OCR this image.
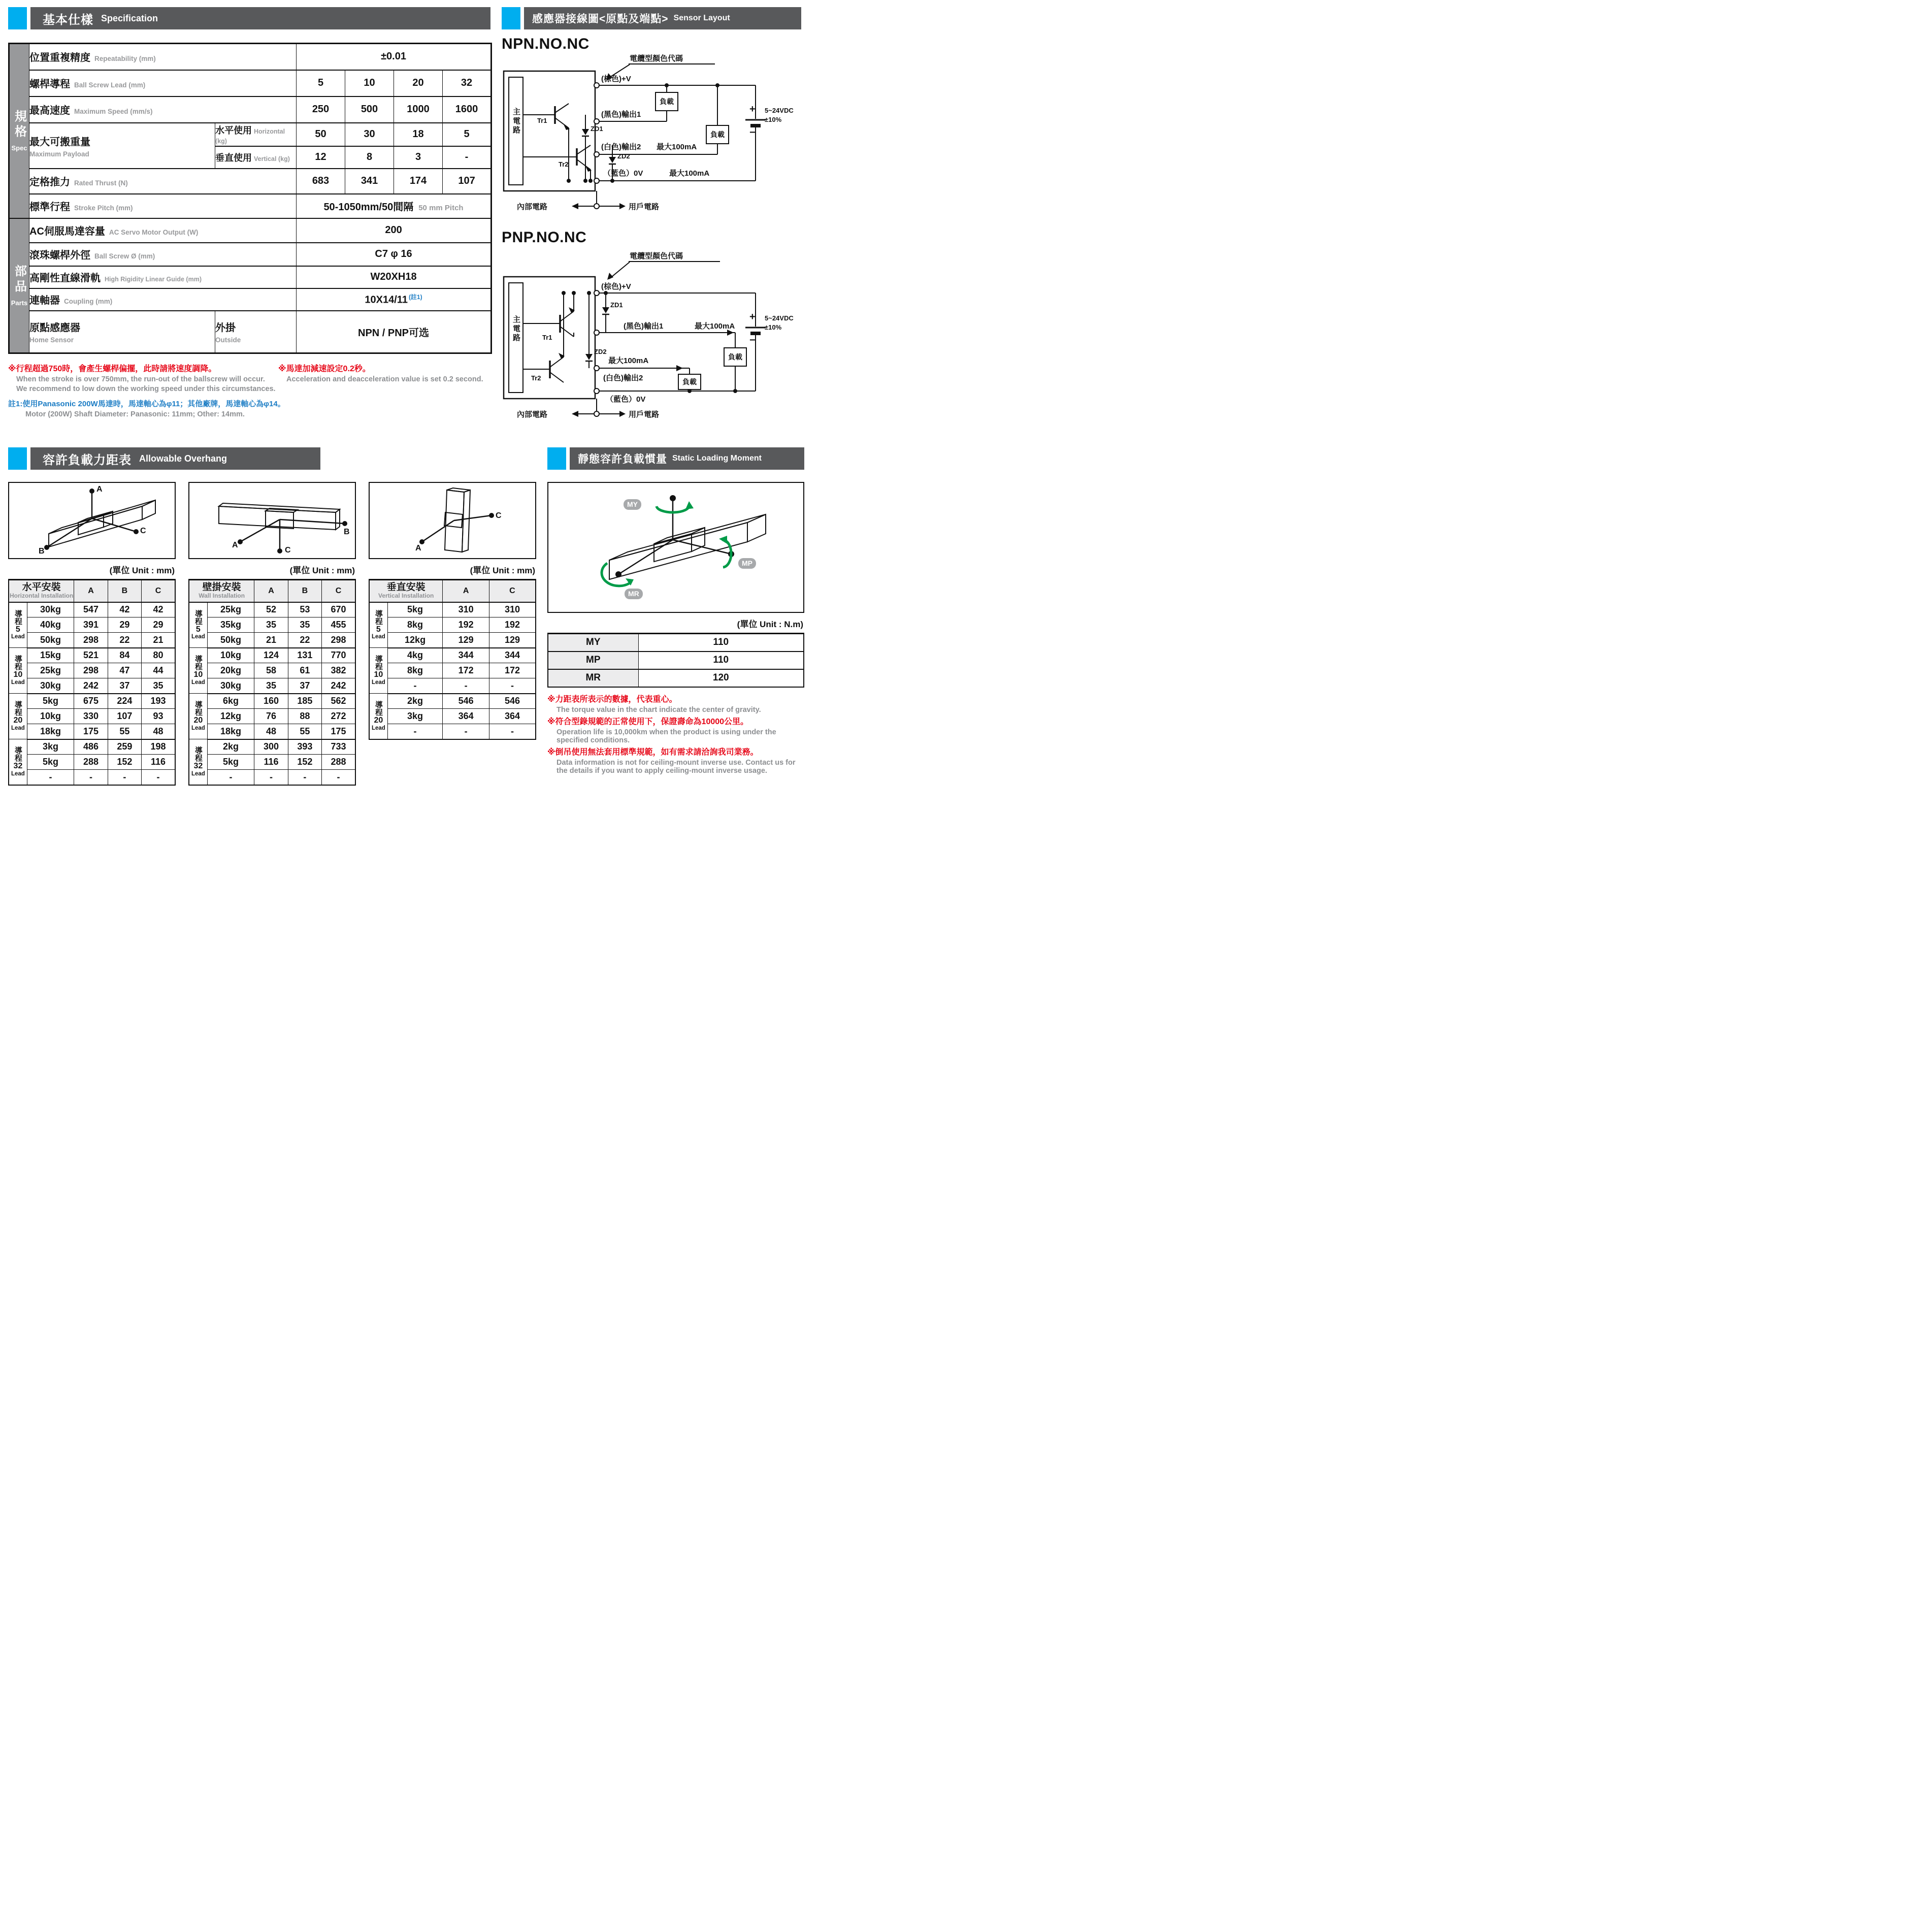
基本仕樣 Specification
規格
Spec	位置重複精度 Repeatability (mm)		±0.01			
	螺桿導程 Ball Screw Lead (mm)		5	10	20	32
	最高速度 Maximum Speed (mm/s)		250	500	1000	1600

	最大可搬重量
Maximum Payload	水平使用 Horizontal (kg)	50	30	18	5
		垂直使用 Vertical (kg)	12	8	3	-
	定格推力 Rated Thrust (N)		683	341	174	107
	標準行程 Stroke Pitch (mm)		50-1050mm/50間隔 50 mm Pitch			

部品
Parts	AC伺服馬達容量 AC Servo Motor Output (W)		200			
	滾珠螺桿外徑 Ball Screw Ø (mm)		C7 φ 16			
	高剛性直線滑軌 High Rigidity Linear Guide (mm)		W20XH18			
	連軸器 Coupling (mm)		10X14/11 $^{(註1)}$

	原點感應器
Home Sensor	外掛
Outside	NPN / PNP可选			
※行程超過750時，會產生螺桿偏擺，此時請將速度調降。
When the stroke is over 750mm, the run-out of the ballscrew will occur.
We recommend to low down the working speed under this circumstances.
※馬達加減速設定0.2秒。
Acceleration and deacceleration value is set 0.2 second.
註1:使用Panasonic 200W馬達時，馬達軸心為φ11；其他廠牌，馬達軸心為φ14。
Motor (200W) Shaft Diameter: Panasonic: 11mm; Other: 14mm.
感應器接線圖<原點及端點> Sensor Layout
NPN.NO.NC
電纜型顏色代碼
主電路	Tr1
Tr2
ZD1
ZD2
(棕色)+V
(黑色)輸出1
(白色)輸出2 最大100mA
（藍色）0V	最大100mA
負載
負載
+
−
5~24VDC
±10%
內部電路	用戶電路
PNP.NO.NC
電纜型顏色代碼
主電路	Tr1
Tr2
ZD1
ZD2
(棕色)+V
(黑色)輸出1	最大100mA
最大100mA
(白色)輸出2
負載
負載
（藍色）0V
+
−
5~24VDC
±10%
內部電路	用戶電路
容許負載力距表 Allowable Overhang
A
B
C
(單位 Unit : mm)
水平安裝
Horizontal Installation		A	B	C

導程
5
Lead	30kg	547	42	42
	40kg	391	29	29
	50kg	298	22	21

導程
10
Lead	15kg	521	84	80
	25kg	298	47	44
	30kg	242	37	35

導程
20
Lead	5kg	675	224	193
	10kg	330	107	93
	18kg	175	55	48

導程
32
Lead	3kg	486	259	198
	5kg	288	152	116
	-	-	-	-
A
B
C
(單位 Unit : mm)
壁掛安裝
Wall Installation		A	B	C

導程
5
Lead	25kg	52	53	670
	35kg	35	35	455
	50kg	21	22	298

導程
10
Lead	10kg	124	131	770
	20kg	58	61	382
	30kg	35	37	242

導程
20
Lead	6kg	160	185	562
	12kg	76	88	272
	18kg	48	55	175

導程
32
Lead	2kg	300	393	733
	5kg	116	152	288
	-	-	-	-
A
C
(單位 Unit : mm)
垂直安裝
Vertical Installation		A	C

導程
5
Lead	5kg	310	310
	8kg	192	192
	12kg	129	129

導程
10
Lead	4kg	344	344
	8kg	172	172
	-	-	-

導程
20
Lead	2kg	546	546
	3kg	364	364
	-	-	-
靜態容許負載慣量 Static Loading Moment
MY
MP
MR
(單位 Unit : N.m)
MY	110
MP	110
MR	120
※力距表所表示的數據，代表重心。
The torque value in the chart indicate the center of gravity.
※符合型錄規範的正常使用下，保證壽命為10000公里。
Operation life is 10,000km when the product is using under the specified conditions.
※倒吊使用無法套用標準規範，如有需求請洽詢我司業務。
Data information is not for ceiling-mount inverse use. Contact us for the details if you want to apply ceiling-mount inverse usage.
